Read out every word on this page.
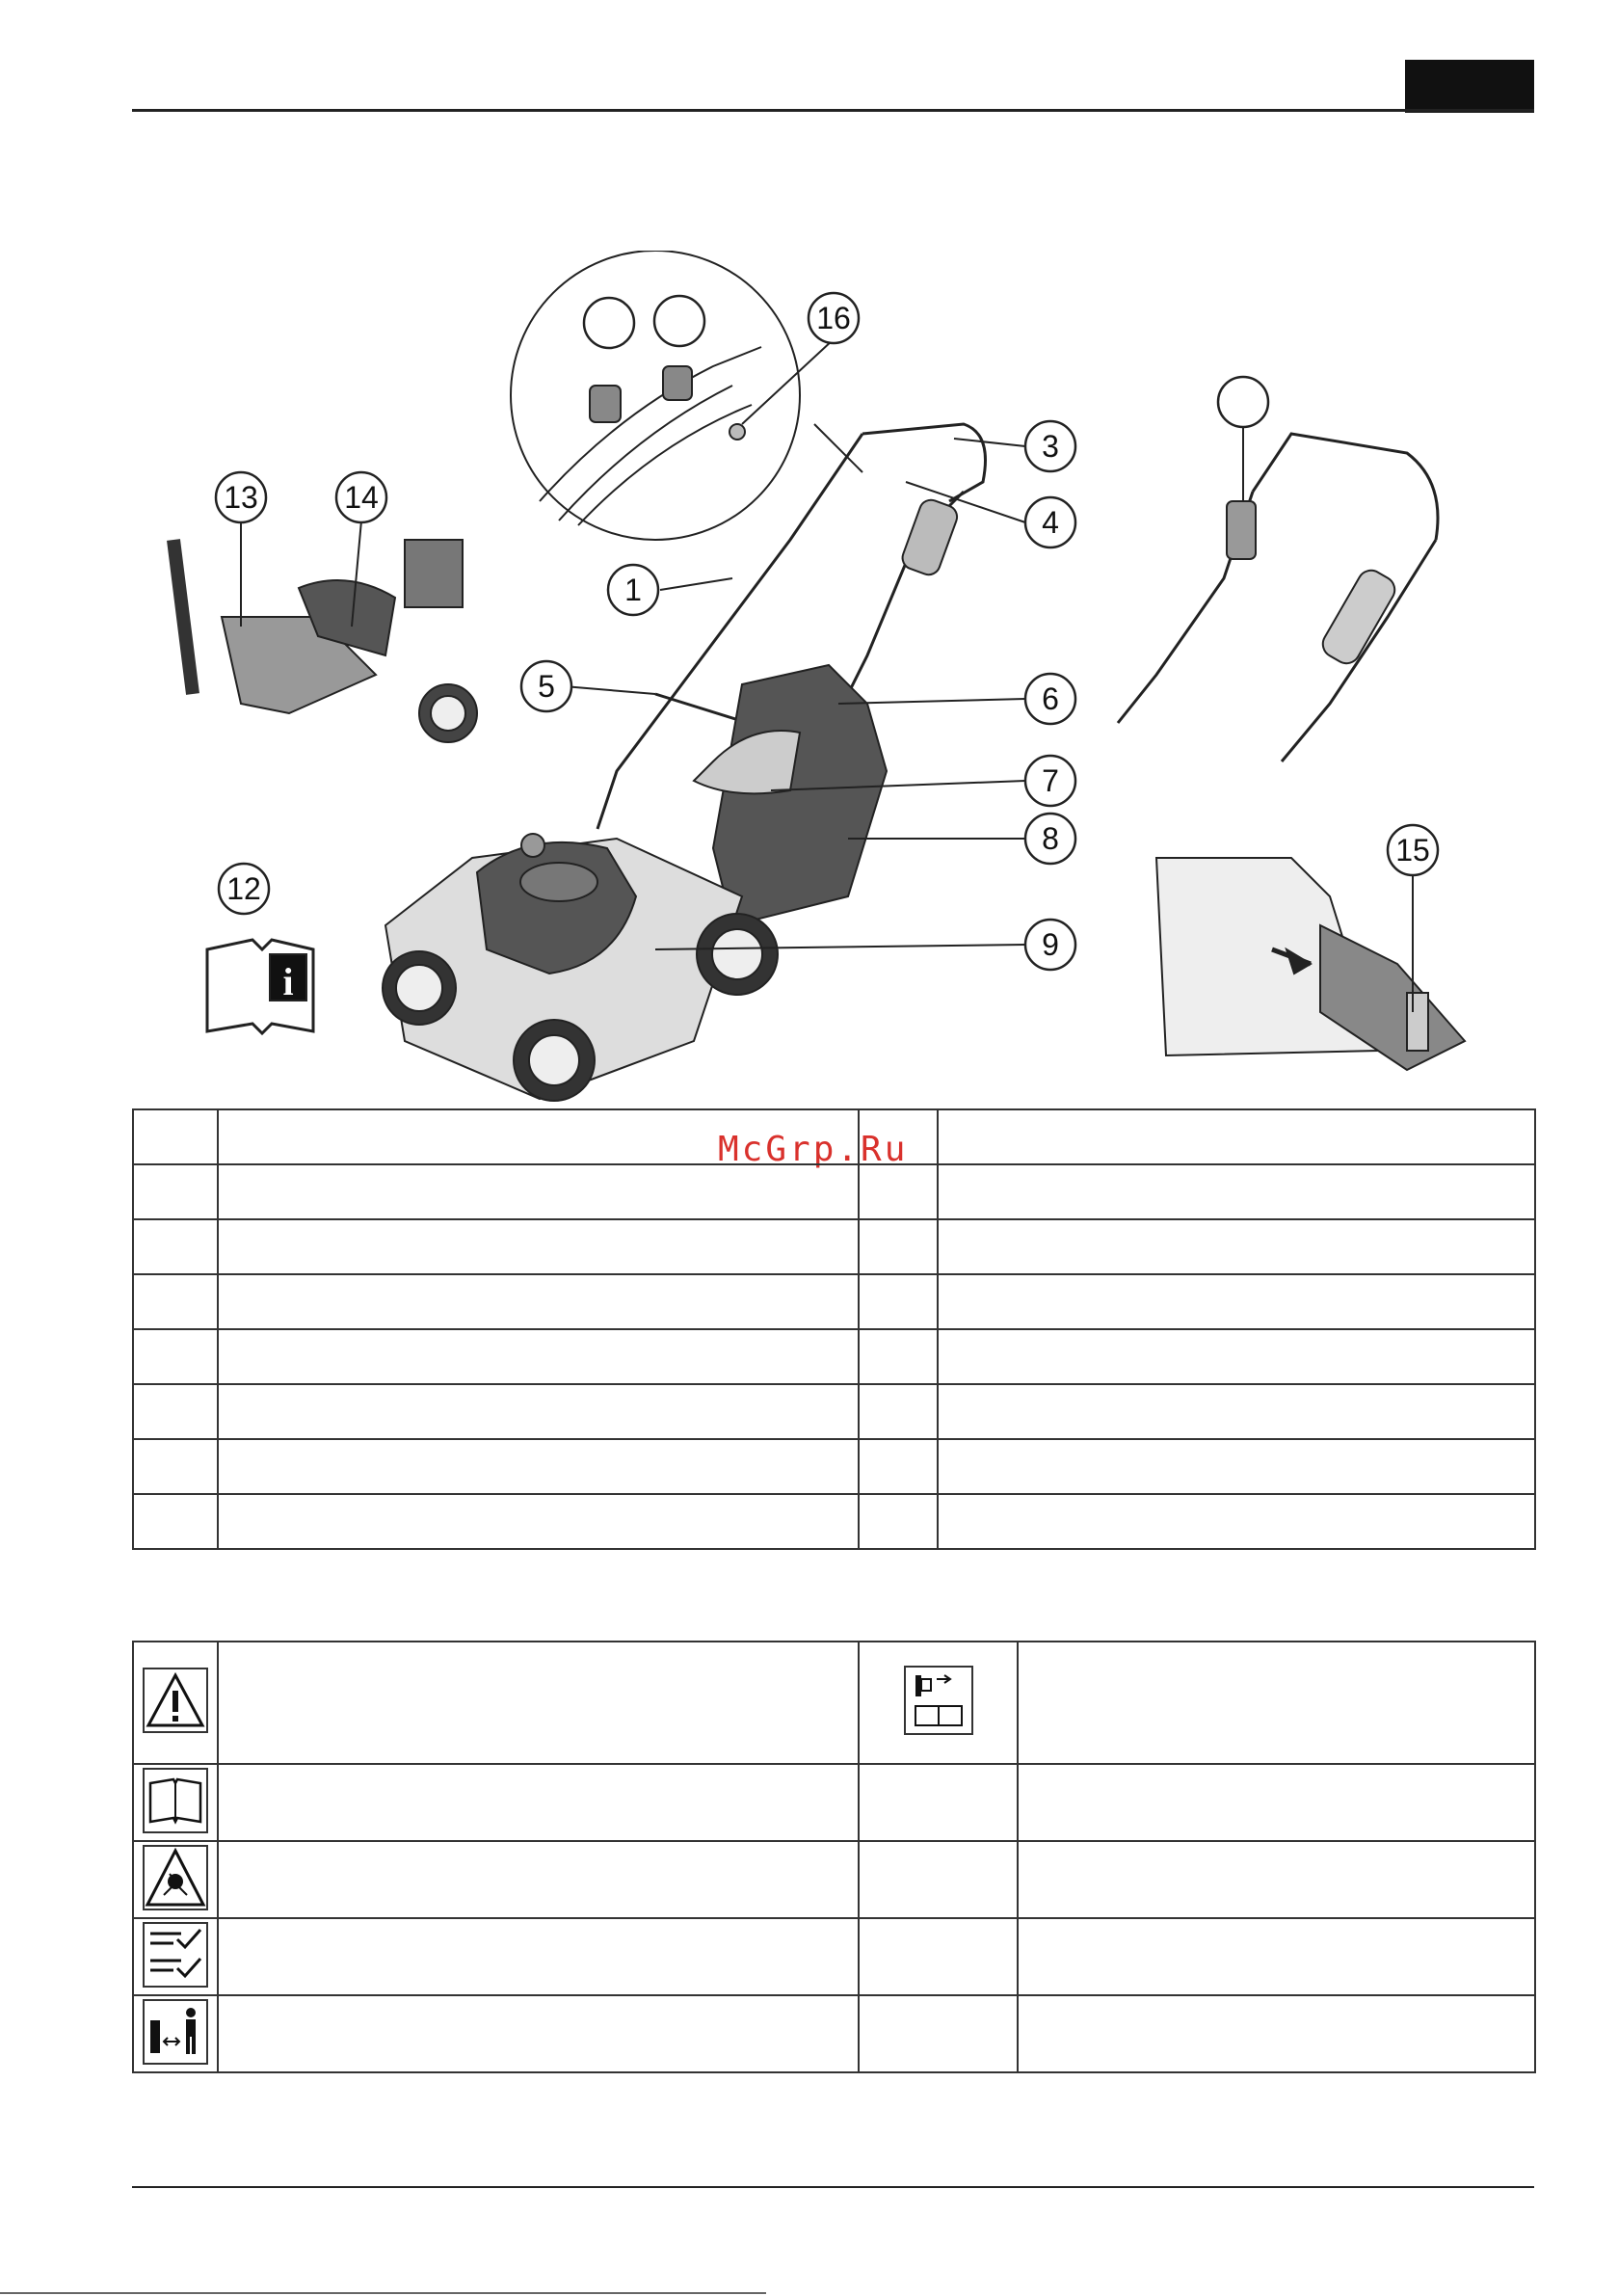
i
1
3
4
5	6
7
8
9
12
13	14
15
16
McGrp.Ru
